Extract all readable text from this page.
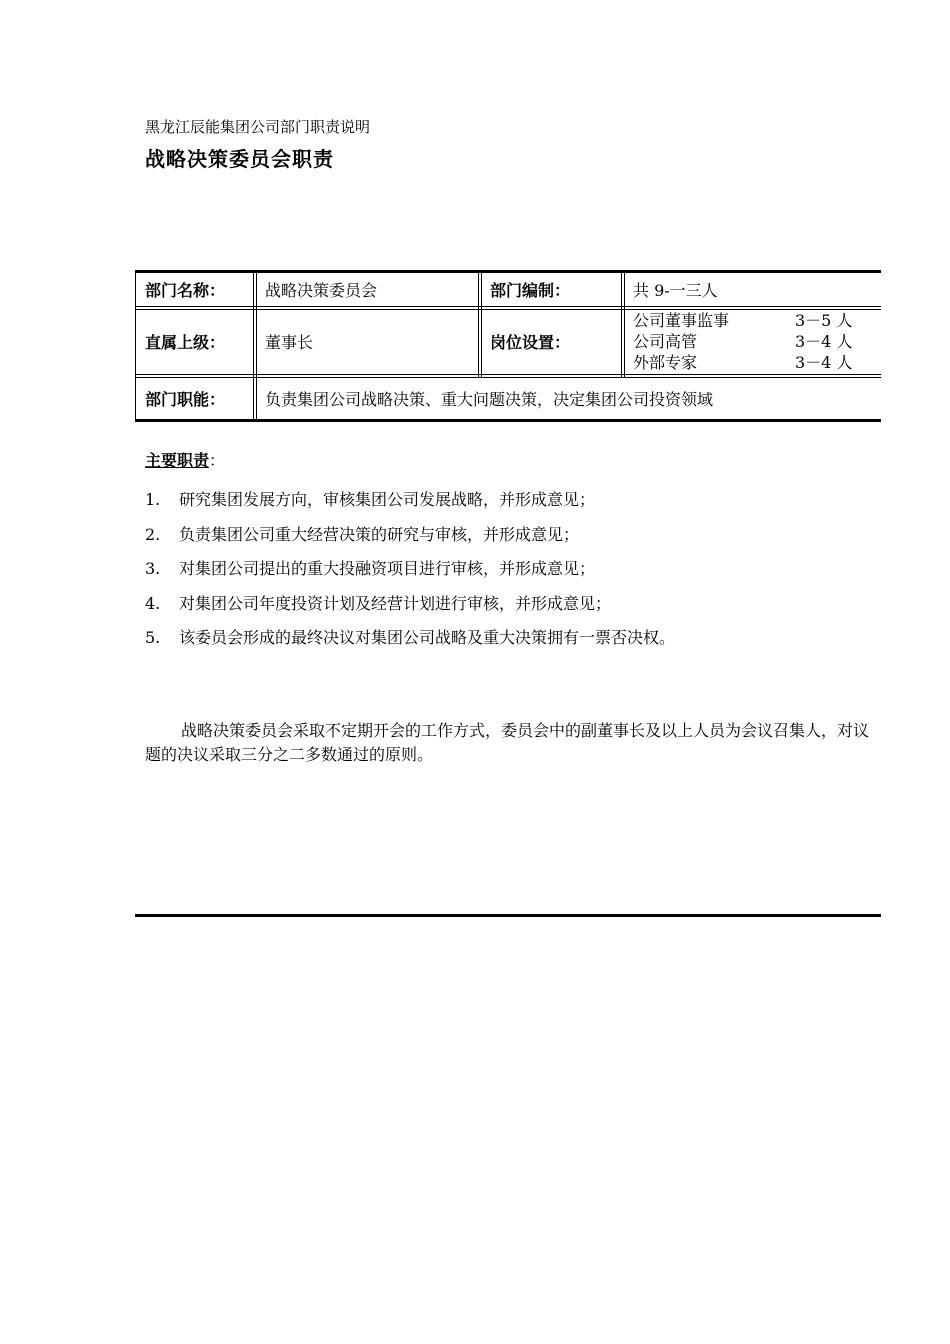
黑龙江辰能集团公司部门职责说明
战略决策委员会职责
部门名称： 战略决策委员会	部门编制：	共 9-一三人
直属上级： 董事长	岗位设置：
公司董事监事	3－5 人
公司高管	3－4 人
外部专家	3－4 人
部门职能： 负责集团公司战略决策、重大问题决策，决定集团公司投资领域
主要职责：
1. 研究集团发展方向，审核集团公司发展战略，并形成意见；
2. 负责集团公司重大经营决策的研究与审核，并形成意见；
3. 对集团公司提出的重大投融资项目进行审核，并形成意见；
4. 对集团公司年度投资计划及经营计划进行审核，并形成意见；
5. 该委员会形成的最终决议对集团公司战略及重大决策拥有一票否决权。
战略决策委员会采取不定期开会的工作方式，委员会中的副董事长及以上人员为会议召集人，对议题的决议采取三分之二多数通过的原则。
